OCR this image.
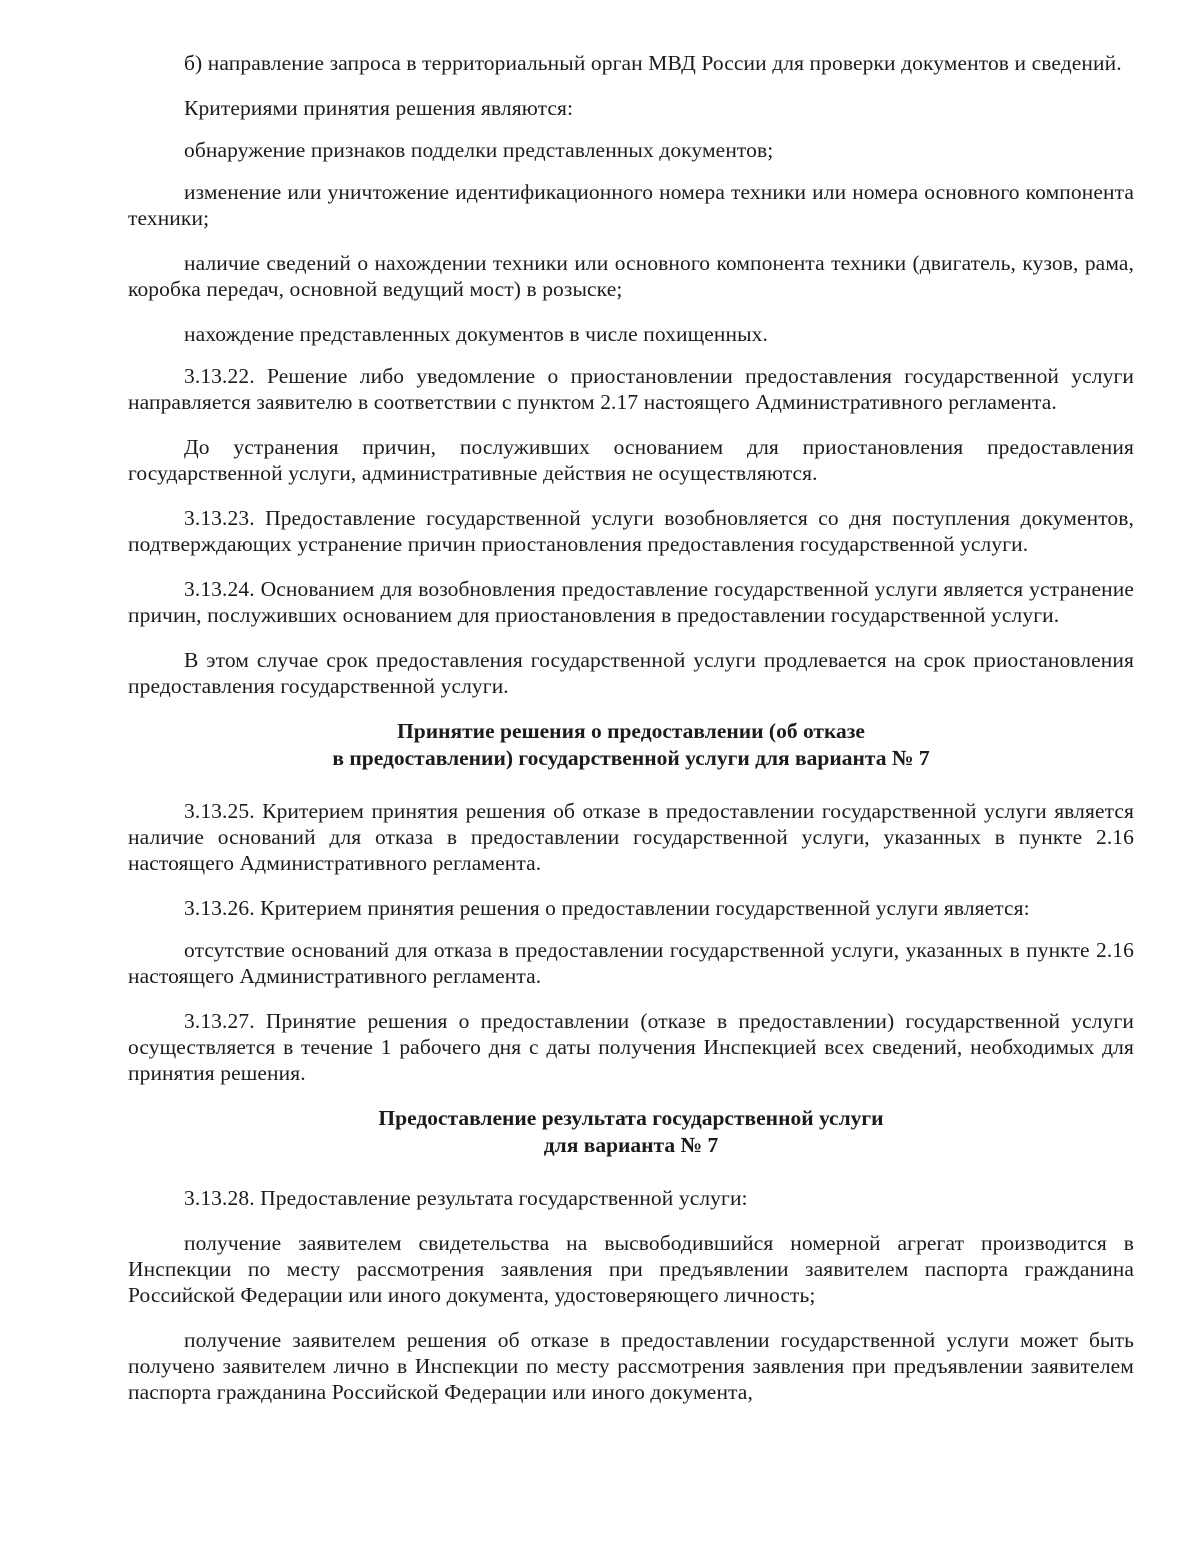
б) направление запроса в территориальный орган МВД России для проверки документов и сведений.

Критериями принятия решения являются:

обнаружение признаков подделки представленных документов;

изменение или уничтожение идентификационного номера техники или номера основного компонента техники;

наличие сведений о нахождении техники или основного компонента техники (двигатель, кузов, рама, коробка передач, основной ведущий мост) в розыске;

нахождение представленных документов в числе похищенных.

3.13.22. Решение либо уведомление о приостановлении предоставления государственной услуги направляется заявителю в соответствии с пунктом 2.17 настоящего Административного регламента.

До устранения причин, послуживших основанием для приостановления предоставления государственной услуги, административные действия не осуществляются.

3.13.23. Предоставление государственной услуги возобновляется со дня поступления документов, подтверждающих устранение причин приостановления предоставления государственной услуги.

3.13.24. Основанием для возобновления предоставление государственной услуги является устранение причин, послуживших основанием для приостановления в предоставлении государственной услуги.

В этом случае срок предоставления государственной услуги продлевается на срок приостановления предоставления государственной услуги.

Принятие решения о предоставлении (об отказе
в предоставлении) государственной услуги для варианта № 7

3.13.25. Критерием принятия решения об отказе в предоставлении государственной услуги является наличие оснований для отказа в предоставлении государственной услуги, указанных в пункте 2.16 настоящего Административного регламента.

3.13.26. Критерием принятия решения о предоставлении государственной услуги является:

отсутствие оснований для отказа в предоставлении государственной услуги, указанных в пункте 2.16 настоящего Административного регламента.

3.13.27. Принятие решения о предоставлении (отказе в предоставлении) государственной услуги осуществляется в течение 1 рабочего дня с даты получения Инспекцией всех сведений, необходимых для принятия решения.

Предоставление результата государственной услуги
для варианта № 7

3.13.28. Предоставление результата государственной услуги:

получение заявителем свидетельства на высвободившийся номерной агрегат производится в Инспекции по месту рассмотрения заявления при предъявлении заявителем паспорта гражданина Российской Федерации или иного документа, удостоверяющего личность;

получение заявителем решения об отказе в предоставлении государственной услуги может быть получено заявителем лично в Инспекции по месту рассмотрения заявления при предъявлении заявителем паспорта гражданина Российской Федерации или иного документа,
